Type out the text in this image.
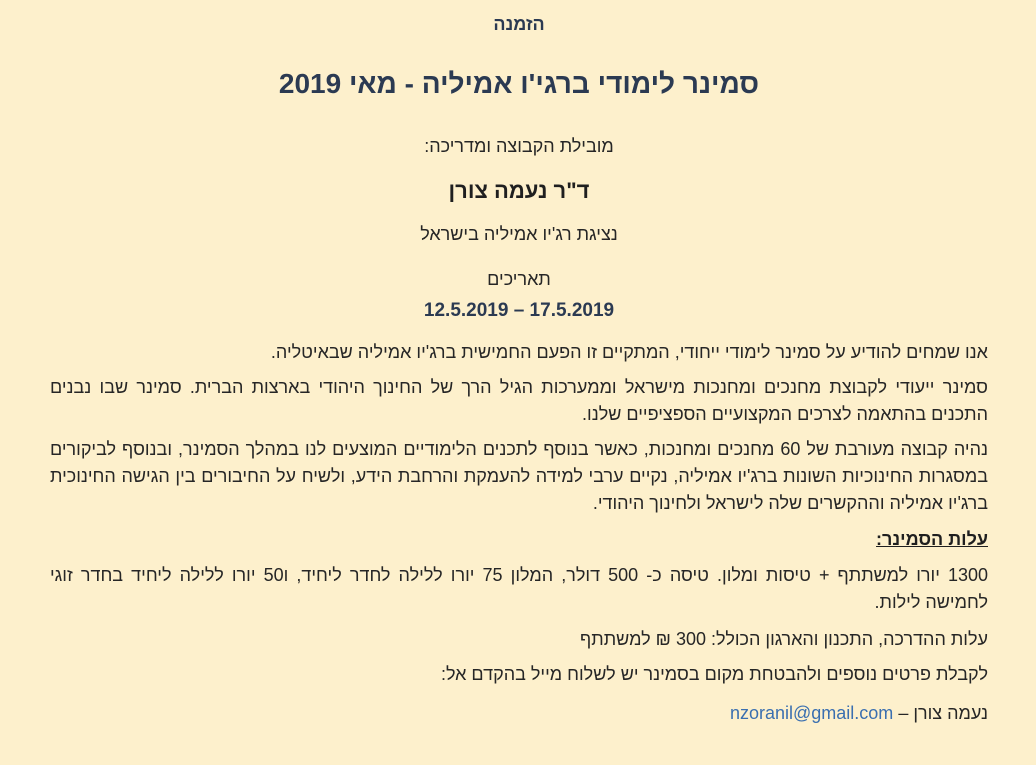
הזמנה

סמינר לימודי ברגי'ו אמיליה - מאי 2019

מובילת הקבוצה ומדריכה:

ד"ר נעמה צורן

נציגת רג'יו אמיליה בישראל

תאריכים

12.5.2019 – 17.5.2019

אנו שמחים להודיע על סמינר לימודי ייחודי, המתקיים זו הפעם החמישית ברג'יו אמיליה שבאיטליה.

סמינר ייעודי לקבוצת מחנכים ומחנכות מישראל וממערכות הגיל הרך של החינוך היהודי בארצות הברית. סמינר שבו נבנים התכנים בהתאמה לצרכים המקצועיים הספציפיים שלנו.

נהיה קבוצה מעורבת של 60 מחנכים ומחנכות, כאשר בנוסף לתכנים הלימודיים המוצעים לנו במהלך הסמינר, ובנוסף לביקורים במסגרות החינוכיות השונות ברג'יו אמיליה, נקיים ערבי למידה להעמקת והרחבת הידע, ולשיח על החיבורים בין הגישה החינוכית ברג'יו אמיליה וההקשרים שלה לישראל ולחינוך היהודי.

עלות הסמינר:

1300 יורו למשתתף + טיסות ומלון. טיסה כ- 500 דולר, המלון 75 יורו ללילה לחדר ליחיד, ו50 יורו ללילה ליחיד בחדר זוגי לחמישה לילות.

עלות ההדרכה, התכנון והארגון הכולל: 300 ₪ למשתתף

לקבלת פרטים נוספים ולהבטחת מקום בסמינר יש לשלוח מייל בהקדם אל:

נעמה צורן – nzoranil@gmail.com
